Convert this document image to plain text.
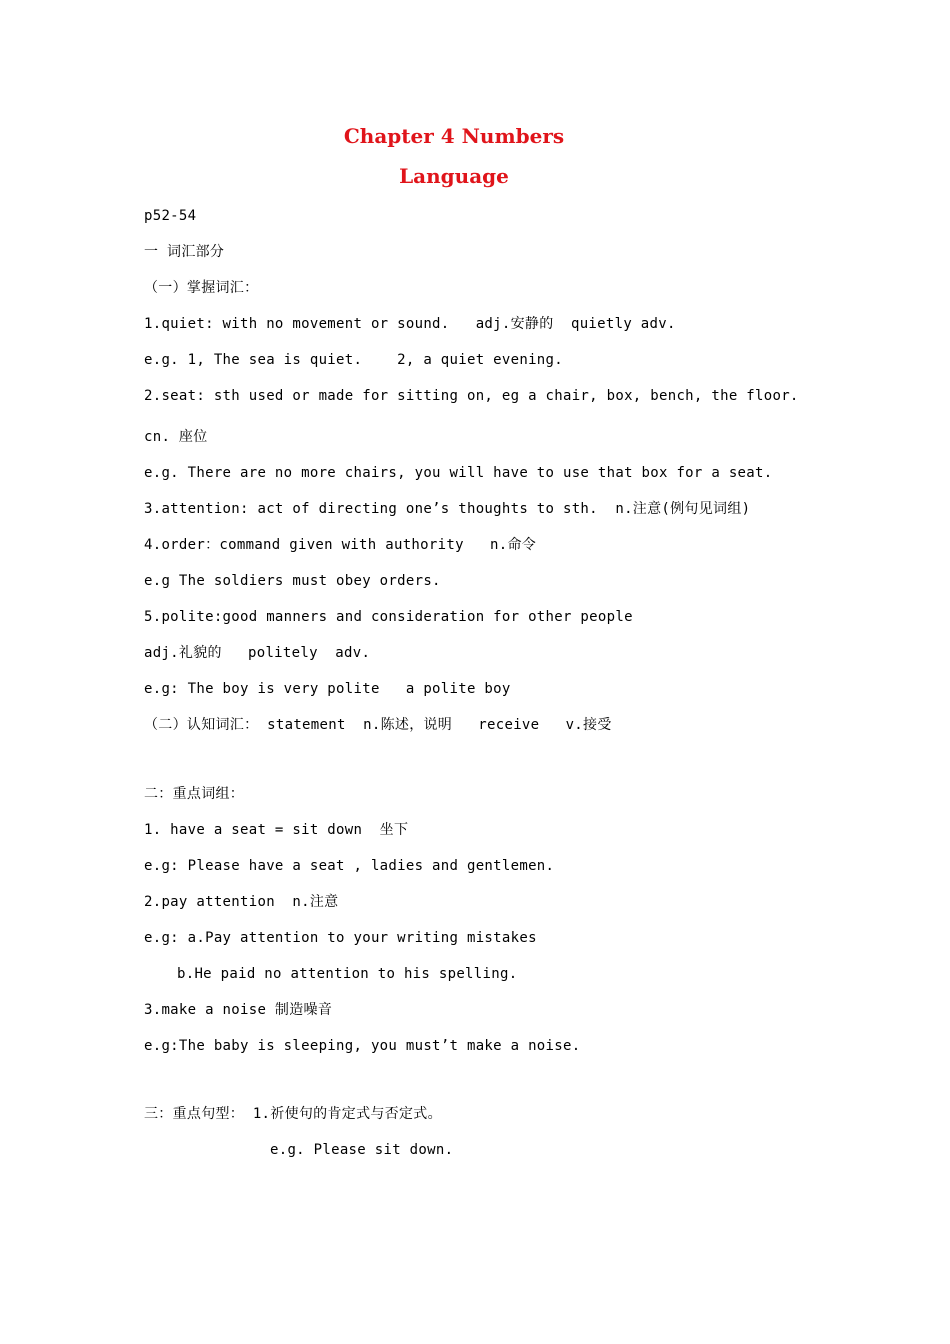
Chapter 4 Numbers
Language
p52-54
一 词汇部分
（一）掌握词汇：
1.quiet: with no movement or sound.   adj.安静的  quietly adv.
e.g. 1, The sea is quiet.    2, a quiet evening.
2.seat: sth used or made for sitting on, eg a chair, box, bench, the floor.
cn. 座位
e.g. There are no more chairs, you will have to use that box for a seat.
3.attention: act of directing one’s thoughts to sth.  n.注意(例句见词组)
4.order：command given with authority   n.命令
e.g The soldiers must obey orders.
5.polite:good manners and consideration for other people
adj.礼貌的   politely  adv.
e.g: The boy is very polite   a polite boy
（二）认知词汇： statement  n.陈述，说明   receive   v.接受
二：重点词组：
1. have a seat = sit down  坐下
e.g: Please have a seat , ladies and gentlemen.
2.pay attention  n.注意
e.g: a.Pay attention to your writing mistakes
b.He paid no attention to his spelling.
3.make a noise 制造噪音
e.g:The baby is sleeping, you must’t make a noise.
三：重点句型： 1.祈使句的肯定式与否定式。
e.g. Please sit down.
